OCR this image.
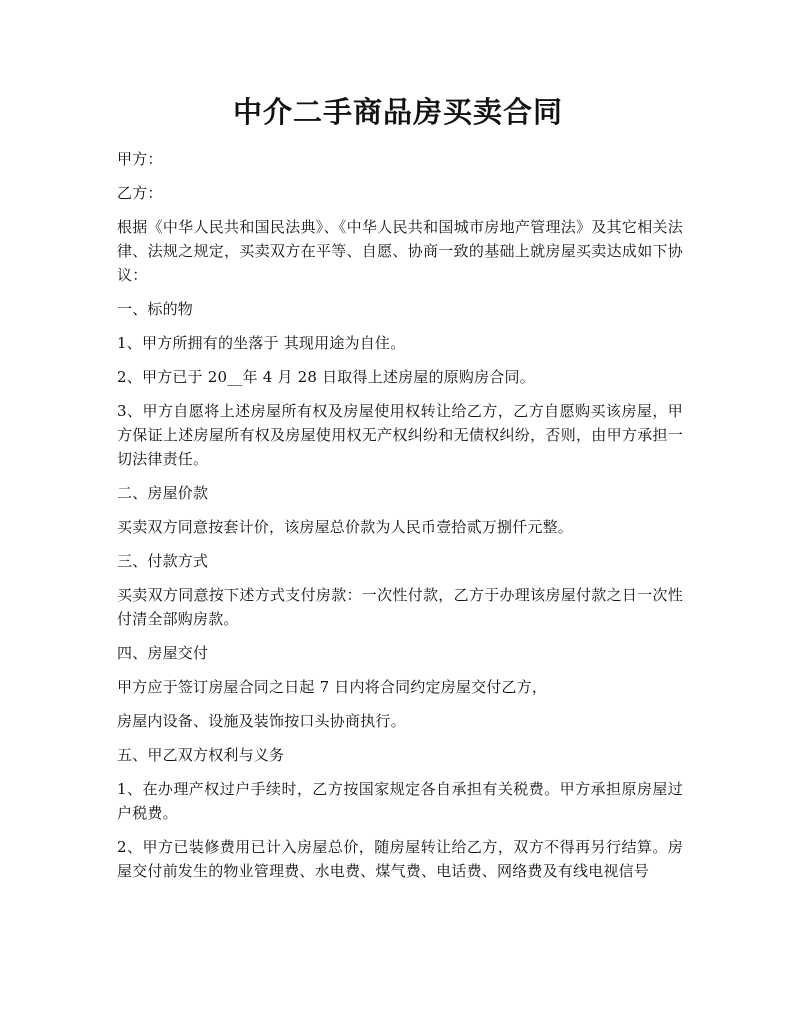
中介二手商品房买卖合同

甲方：

乙方：

根据《中华人民共和国民法典》、《中华人民共和国城市房地产管理法》及其它相关法律、法规之规定，买卖双方在平等、自愿、协商一致的基础上就房屋买卖达成如下协议：

一、标的物

1、甲方所拥有的坐落于 其现用途为自住。

2、甲方已于 20__年 4 月 28 日取得上述房屋的原购房合同。

3、甲方自愿将上述房屋所有权及房屋使用权转让给乙方，乙方自愿购买该房屋，甲方保证上述房屋所有权及房屋使用权无产权纠纷和无债权纠纷，否则，由甲方承担一切法律责任。

二、房屋价款

买卖双方同意按套计价，该房屋总价款为人民币壹拾贰万捌仟元整。

三、付款方式

买卖双方同意按下述方式支付房款：一次性付款，乙方于办理该房屋付款之日一次性付清全部购房款。

四、房屋交付

甲方应于签订房屋合同之日起 7 日内将合同约定房屋交付乙方，

房屋内设备、设施及装饰按口头协商执行。

五、甲乙双方权利与义务

1、在办理产权过户手续时，乙方按国家规定各自承担有关税费。甲方承担原房屋过户税费。

2、甲方已装修费用已计入房屋总价，随房屋转让给乙方，双方不得再另行结算。房屋交付前发生的物业管理费、水电费、煤气费、电话费、网络费及有线电视信号
